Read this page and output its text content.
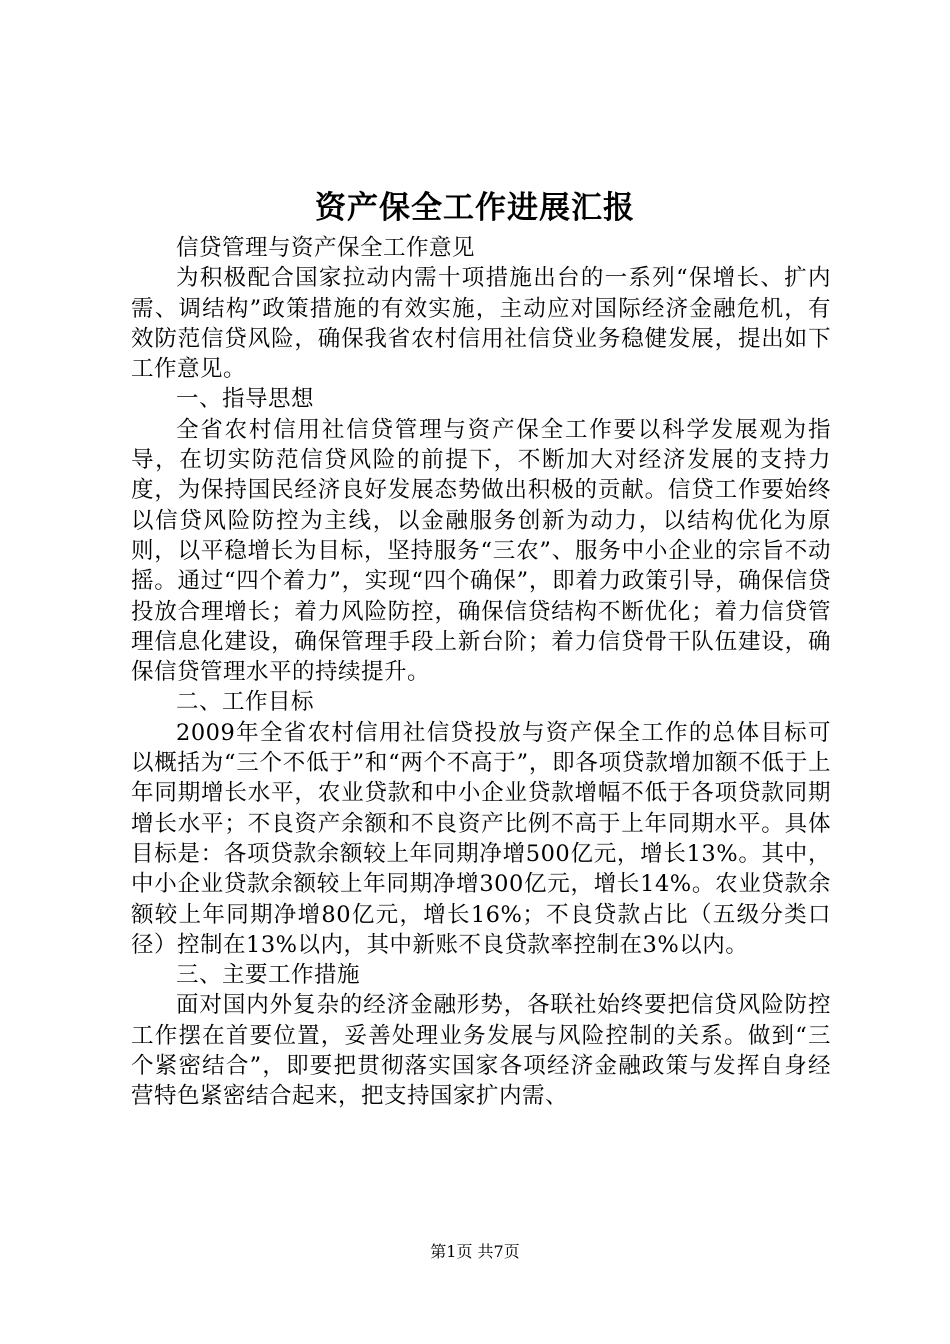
资产保全工作进展汇报

信贷管理与资产保全工作意见

为积极配合国家拉动内需十项措施出台的一系列“保增长、扩内需、调结构”政策措施的有效实施，主动应对国际经济金融危机，有效防范信贷风险，确保我省农村信用社信贷业务稳健发展，提出如下工作意见。

一、指导思想

全省农村信用社信贷管理与资产保全工作要以科学发展观为指导，在切实防范信贷风险的前提下，不断加大对经济发展的支持力度，为保持国民经济良好发展态势做出积极的贡献。信贷工作要始终以信贷风险防控为主线，以金融服务创新为动力，以结构优化为原则，以平稳增长为目标，坚持服务“三农”、服务中小企业的宗旨不动摇。通过“四个着力”，实现“四个确保”，即着力政策引导，确保信贷投放合理增长；着力风险防控，确保信贷结构不断优化；着力信贷管理信息化建设，确保管理手段上新台阶；着力信贷骨干队伍建设，确保信贷管理水平的持续提升。

二、工作目标

2009年全省农村信用社信贷投放与资产保全工作的总体目标可以概括为“三个不低于”和“两个不高于”，即各项贷款增加额不低于上年同期增长水平，农业贷款和中小企业贷款增幅不低于各项贷款同期增长水平；不良资产余额和不良资产比例不高于上年同期水平。具体目标是：各项贷款余额较上年同期净增500亿元，增长13%。其中，中小企业贷款余额较上年同期净增300亿元，增长14%。农业贷款余额较上年同期净增80亿元，增长16%；不良贷款占比（五级分类口径）控制在13%以内，其中新账不良贷款率控制在3%以内。

三、主要工作措施

面对国内外复杂的经济金融形势，各联社始终要把信贷风险防控工作摆在首要位置，妥善处理业务发展与风险控制的关系。做到“三个紧密结合”，即要把贯彻落实国家各项经济金融政策与发挥自身经营特色紧密结合起来，把支持国家扩内需、

第1页 共7页
